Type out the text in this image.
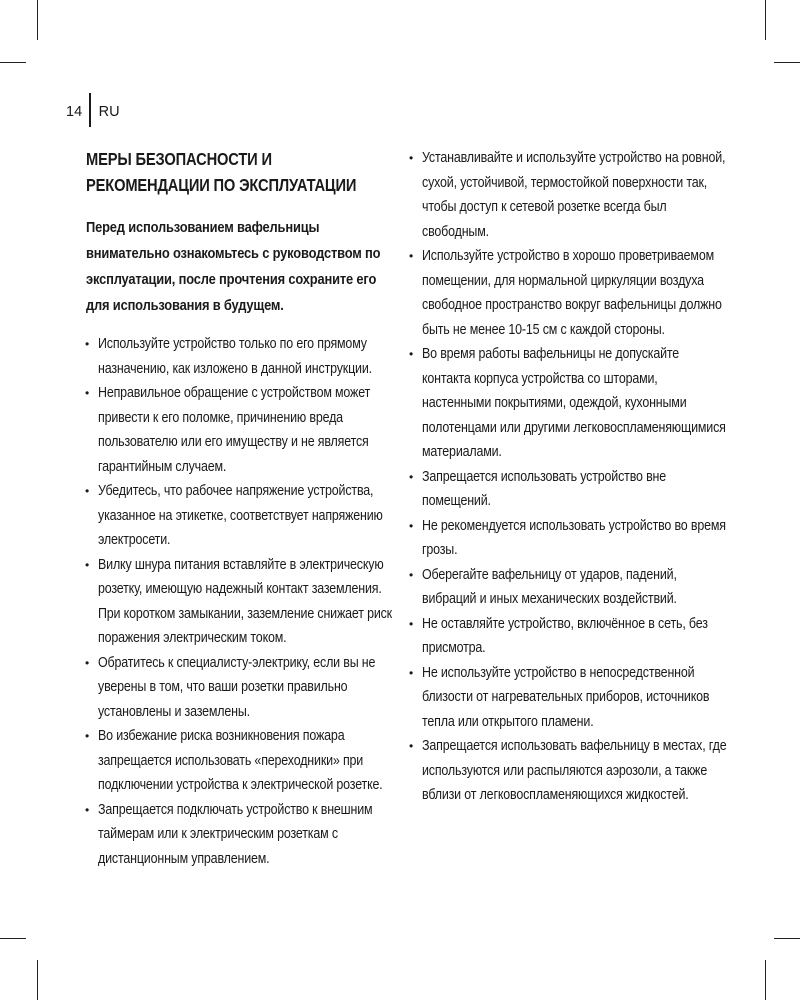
14 RU
МЕРЫ БЕЗОПАСНОСТИ И РЕКОМЕНДАЦИИ ПО ЭКСПЛУАТАЦИИ

Перед использованием вафельницы внимательно ознакомьтесь с руководством по эксплуатации, после прочтения сохраните его для использования в будущем.

• Используйте устройство только по его прямому назначению, как изложено в данной инструкции.
• Неправильное обращение с устройством может привести к его поломке, причинению вреда пользователю или его имуществу и не является гарантийным случаем.
• Убедитесь, что рабочее напряжение устройства, указанное на этикетке, соответствует напряжению электросети.
• Вилку шнура питания вставляйте в электрическую розетку, имеющую надежный контакт заземления. При коротком замыкании, заземление снижает риск поражения электрическим током.
• Обратитесь к специалисту-электрику, если вы не уверены в том, что ваши розетки правильно установлены и заземлены.
• Во избежание риска возникновения пожара запрещается использовать «переходники» при подключении устройства к электрической розетке.
• Запрещается подключать устройство к внешним таймерам или к электрическим розеткам с дистанционным управлением.
• Устанавливайте и используйте устройство на ровной, сухой, устойчивой, термостойкой поверхности так, чтобы доступ к сетевой розетке всегда был свободным.
• Используйте устройство в хорошо проветриваемом помещении, для нормальной циркуляции воздуха свободное пространство вокруг вафельницы должно быть не менее 10-15 см с каждой стороны.
• Во время работы вафельницы не допускайте контакта корпуса устройства со шторами, настенными покрытиями, одеждой, кухонными полотенцами или другими легковоспламеняющимися материалами.
• Запрещается использовать устройство вне помещений.
• Не рекомендуется использовать устройство во время грозы.
• Оберегайте вафельницу от ударов, падений, вибраций и иных механических воздействий.
• Не оставляйте устройство, включённое в сеть, без присмотра.
• Не используйте устройство в непосредственной близости от нагревательных приборов, источников тепла или открытого пламени.
• Запрещается использовать вафельницу в местах, где используются или распыляются аэрозоли, а также вблизи от легковоспламеняющихся жидкостей.
